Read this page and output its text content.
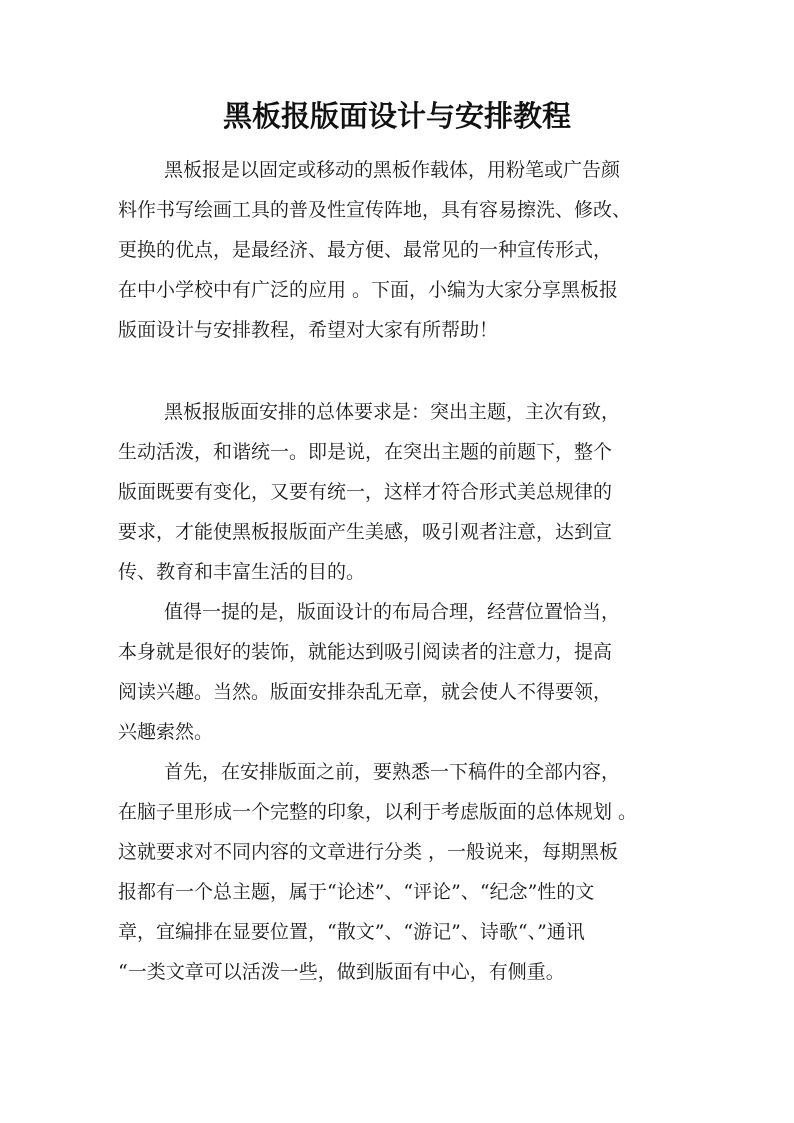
黑板报版面设计与安排教程
黑板报是以固定或移动的黑板作载体，用粉笔或广告颜
料作书写绘画工具的普及性宣传阵地，具有容易擦洗、修改、
更换的优点，是最经济、最方便、最常见的一种宣传形式，
在中小学校中有广泛的应用 。下面，小编为大家分享黑板报
版面设计与安排教程，希望对大家有所帮助！
黑板报版面安排的总体要求是：突出主题，主次有致，
生动活泼，和谐统一。即是说，在突出主题的前题下，整个
版面既要有变化，又要有统一，这样才符合形式美总规律的
要求，才能使黑板报版面产生美感，吸引观者注意，达到宣
传、教育和丰富生活的目的。
值得一提的是，版面设计的布局合理，经营位置恰当，
本身就是很好的装饰，就能达到吸引阅读者的注意力，提高
阅读兴趣。当然。版面安排杂乱无章，就会使人不得要领，
兴趣索然。
首先，在安排版面之前，要熟悉一下稿件的全部内容，
在脑子里形成一个完整的印象，以利于考虑版面的总体规划 。
这就要求对不同内容的文章进行分类 ，一般说来，每期黑板
报都有一个总主题，属于“论述”、“评论”、“纪念”性的文
章，宜编排在显要位置，“散文”、“游记”、诗歌“、”通讯
“一类文章可以活泼一些，做到版面有中心，有侧重。
